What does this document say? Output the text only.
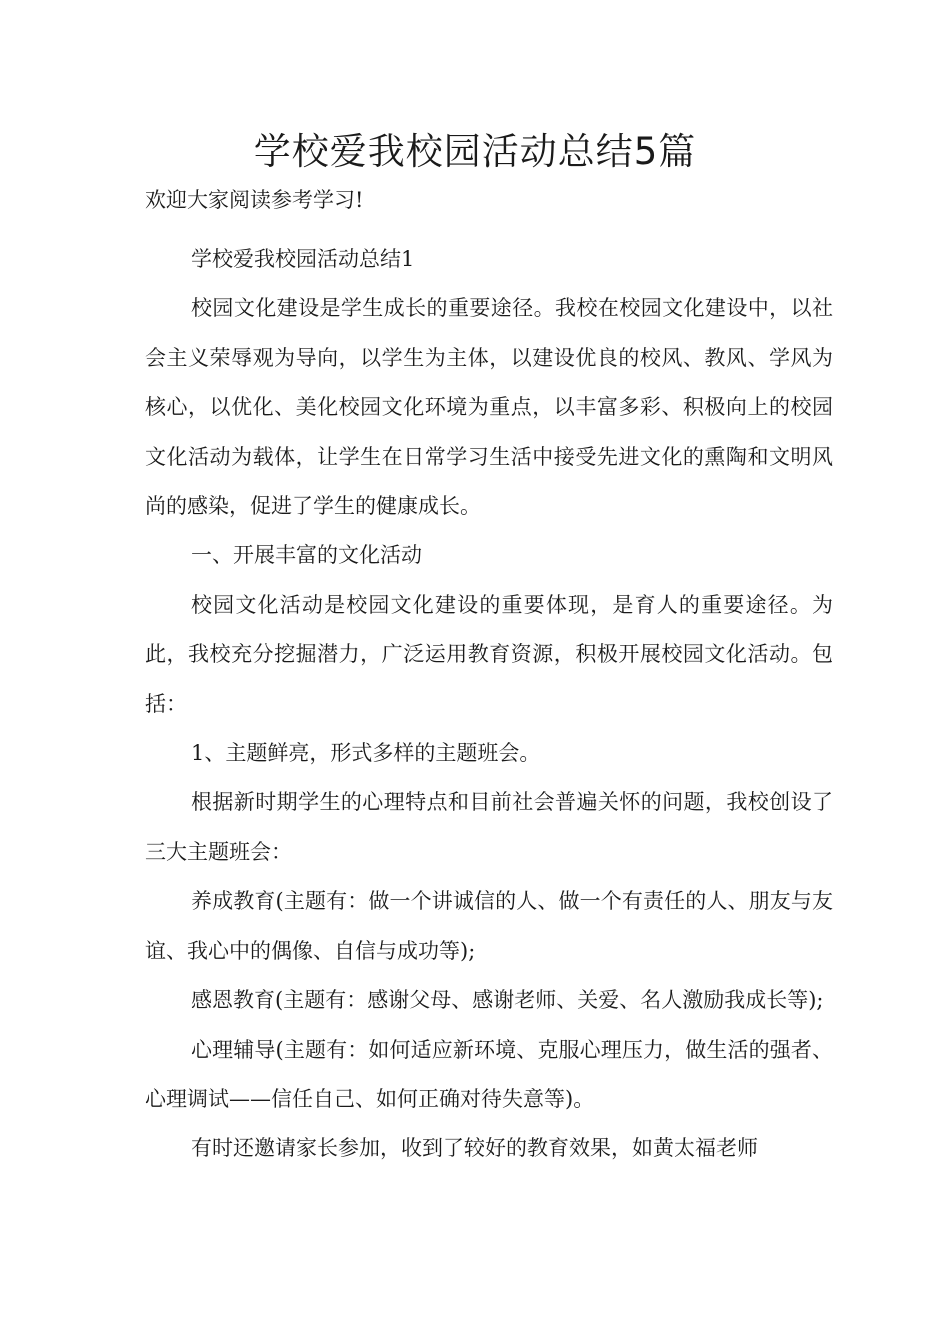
学校爱我校园活动总结5篇

欢迎大家阅读参考学习!

学校爱我校园活动总结1

校园文化建设是学生成长的重要途径。我校在校园文化建设中，以社会主义荣辱观为导向，以学生为主体，以建设优良的校风、教风、学风为核心，以优化、美化校园文化环境为重点，以丰富多彩、积极向上的校园文化活动为载体，让学生在日常学习生活中接受先进文化的熏陶和文明风尚的感染，促进了学生的健康成长。

一、开展丰富的文化活动

校园文化活动是校园文化建设的重要体现，是育人的重要途径。为此，我校充分挖掘潜力，广泛运用教育资源，积极开展校园文化活动。包括：

1、主题鲜亮，形式多样的主题班会。

根据新时期学生的心理特点和目前社会普遍关怀的问题，我校创设了三大主题班会：

养成教育(主题有：做一个讲诚信的人、做一个有责任的人、朋友与友谊、我心中的偶像、自信与成功等);

感恩教育(主题有：感谢父母、感谢老师、关爱、名人激励我成长等);

心理辅导(主题有：如何适应新环境、克服心理压力，做生活的强者、心理调试——信任自己、如何正确对待失意等)。

有时还邀请家长参加，收到了较好的教育效果，如黄太福老师
